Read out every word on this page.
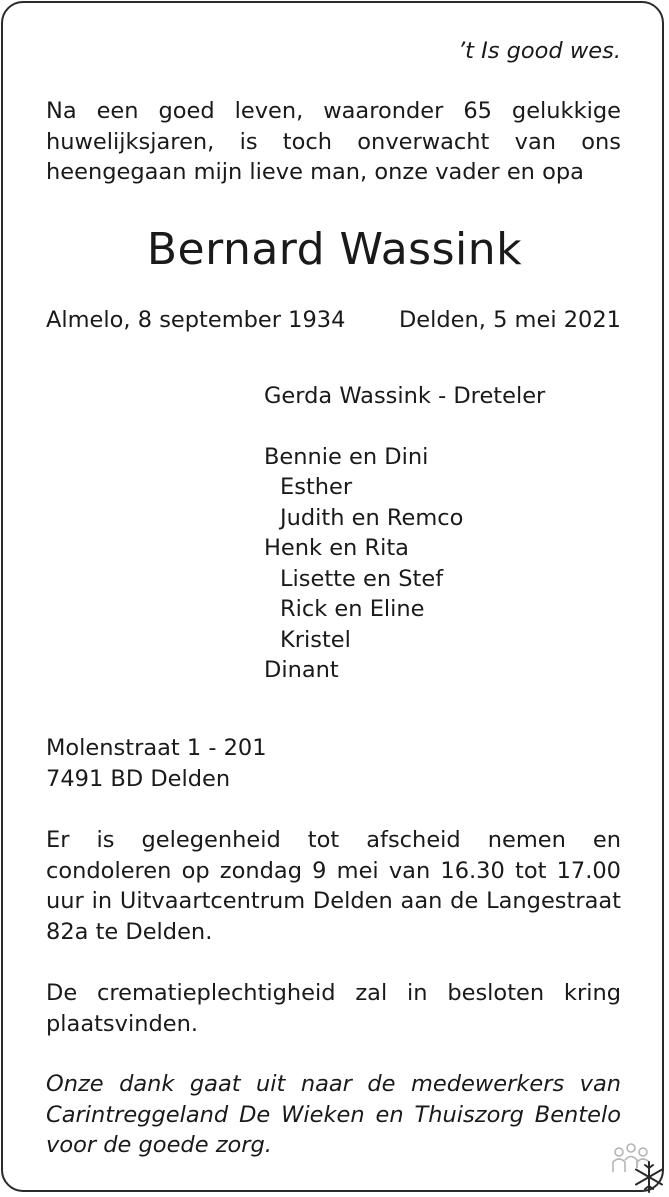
’t Is good wes.
Na een goed leven, waaronder 65 gelukkige huwelijksjaren, is toch onverwacht van ons heengegaan mijn lieve man, onze vader en opa
Bernard Wassink
Almelo, 8 september 1934 Delden, 5 mei 2021
Gerda Wassink - Dreteler
Bennie en Dini
Esther
Judith en Remco
Henk en Rita
Lisette en Stef
Rick en Eline
Kristel
Dinant
Molenstraat 1 - 201
7491 BD Delden
Er is gelegenheid tot afscheid nemen en condoleren op zondag 9 mei van 16.30 tot 17.00 uur in Uitvaartcentrum Delden aan de Langestraat 82a te Delden.
De crematieplechtigheid zal in besloten kring plaatsvinden.
Onze dank gaat uit naar de medewerkers van Carintreggeland De Wieken en Thuiszorg Bentelo voor de goede zorg.
